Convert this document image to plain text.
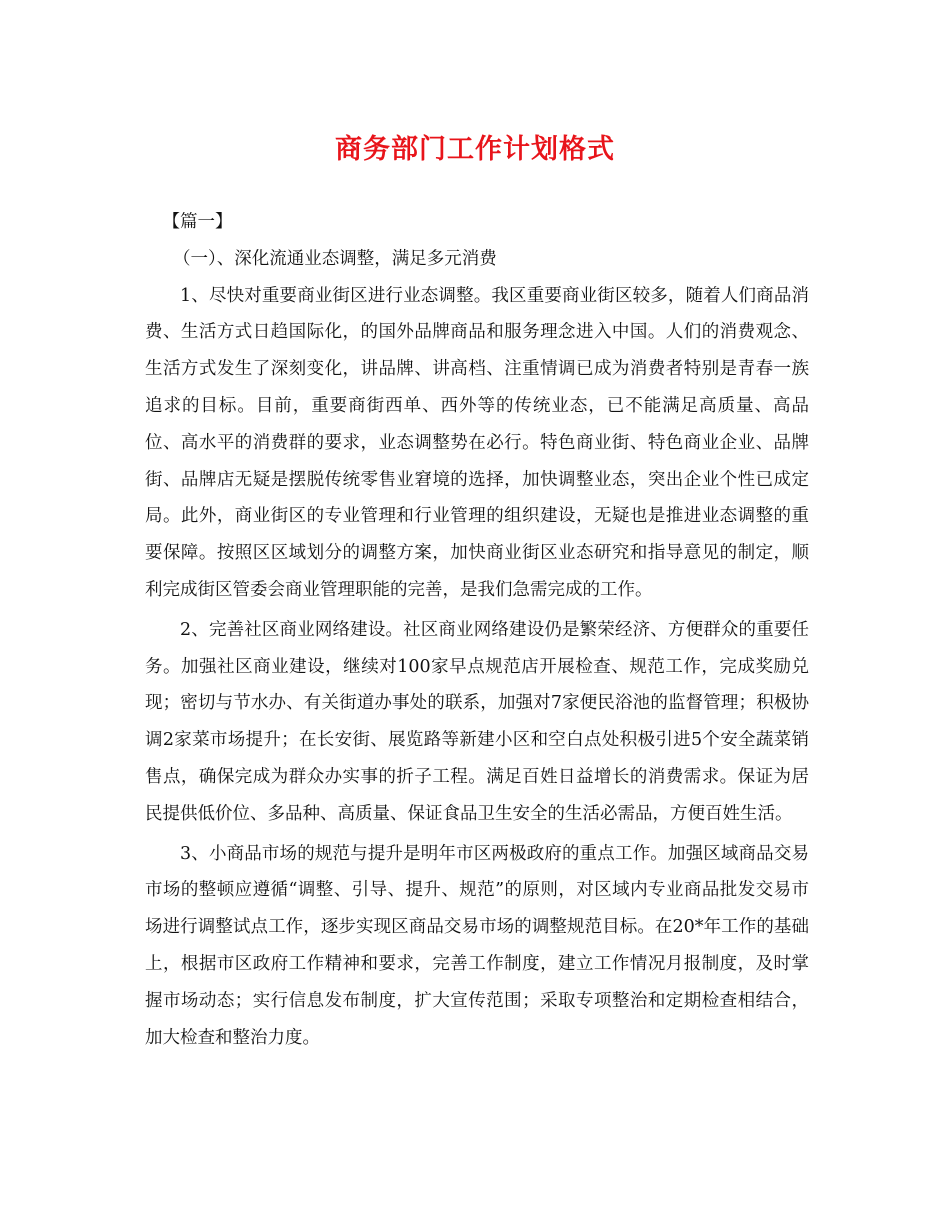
商务部门工作计划格式

【篇一】

（一）、深化流通业态调整，满足多元消费

1、尽快对重要商业街区进行业态调整。我区重要商业街区较多，随着人们商品消费、生活方式日趋国际化，的国外品牌商品和服务理念进入中国。人们的消费观念、生活方式发生了深刻变化，讲品牌、讲高档、注重情调已成为消费者特别是青春一族追求的目标。目前，重要商街西单、西外等的传统业态，已不能满足高质量、高品位、高水平的消费群的要求，业态调整势在必行。特色商业街、特色商业企业、品牌街、品牌店无疑是摆脱传统零售业窘境的选择，加快调整业态，突出企业个性已成定局。此外，商业街区的专业管理和行业管理的组织建设，无疑也是推进业态调整的重要保障。按照区区域划分的调整方案，加快商业街区业态研究和指导意见的制定，顺利完成街区管委会商业管理职能的完善，是我们急需完成的工作。

2、完善社区商业网络建设。社区商业网络建设仍是繁荣经济、方便群众的重要任务。加强社区商业建设，继续对100家早点规范店开展检查、规范工作，完成奖励兑现；密切与节水办、有关街道办事处的联系，加强对7家便民浴池的监督管理；积极协调2家菜市场提升；在长安街、展览路等新建小区和空白点处积极引进5个安全蔬菜销售点，确保完成为群众办实事的折子工程。满足百姓日益增长的消费需求。保证为居民提供低价位、多品种、高质量、保证食品卫生安全的生活必需品，方便百姓生活。

3、小商品市场的规范与提升是明年市区两极政府的重点工作。加强区域商品交易市场的整顿应遵循“调整、引导、提升、规范”的原则，对区域内专业商品批发交易市场进行调整试点工作，逐步实现区商品交易市场的调整规范目标。在20*年工作的基础上，根据市区政府工作精神和要求，完善工作制度，建立工作情况月报制度，及时掌握市场动态；实行信息发布制度，扩大宣传范围；采取专项整治和定期检查相结合，加大检查和整治力度。
